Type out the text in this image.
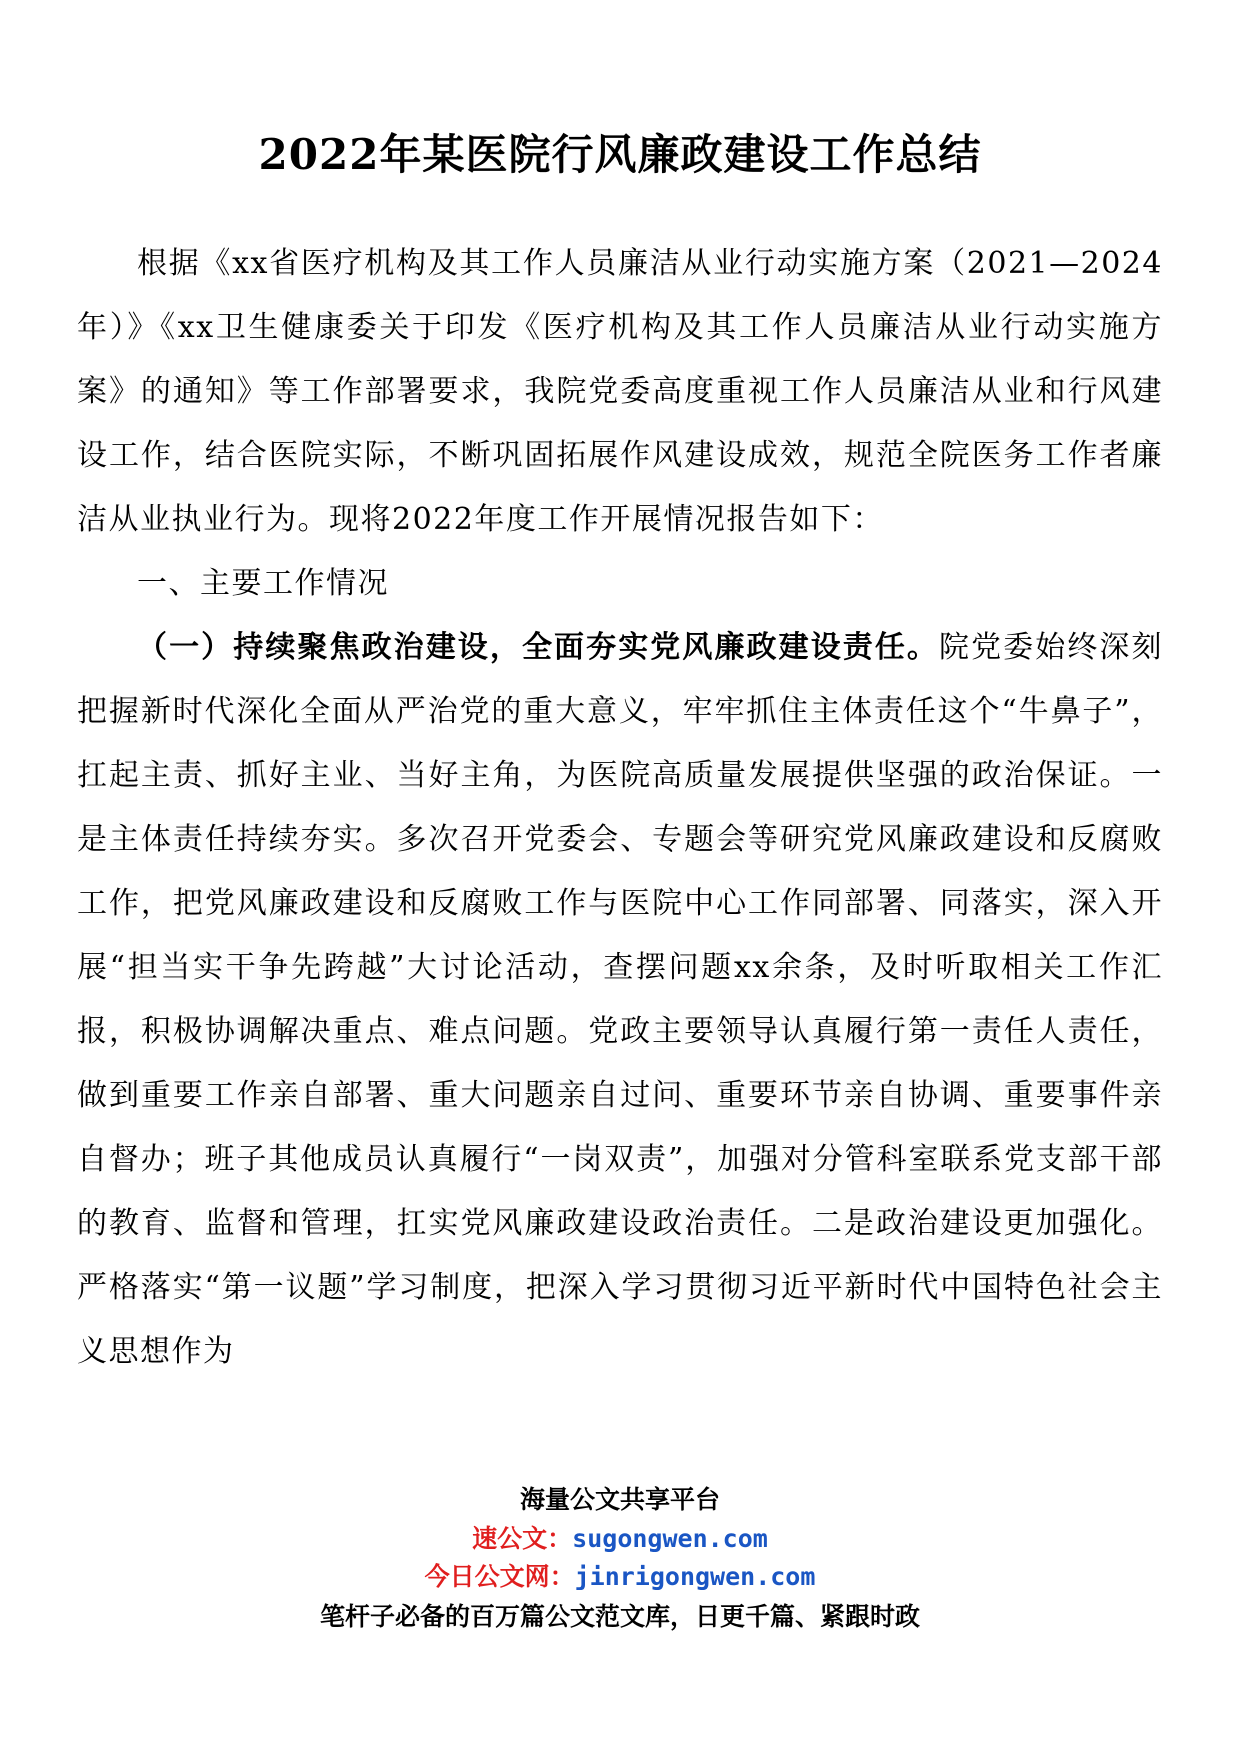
2022年某医院行风廉政建设工作总结

根据《xx省医疗机构及其工作人员廉洁从业行动实施方案（2021—2024年）》《xx卫生健康委关于印发《医疗机构及其工作人员廉洁从业行动实施方案》的通知》等工作部署要求，我院党委高度重视工作人员廉洁从业和行风建设工作，结合医院实际，不断巩固拓展作风建设成效，规范全院医务工作者廉洁从业执业行为。现将2022年度工作开展情况报告如下：

一、主要工作情况

（一）持续聚焦政治建设，全面夯实党风廉政建设责任。院党委始终深刻把握新时代深化全面从严治党的重大意义，牢牢抓住主体责任这个“牛鼻子”，扛起主责、抓好主业、当好主角，为医院高质量发展提供坚强的政治保证。一是主体责任持续夯实。多次召开党委会、专题会等研究党风廉政建设和反腐败工作，把党风廉政建设和反腐败工作与医院中心工作同部署、同落实，深入开展“担当实干争先跨越”大讨论活动，查摆问题xx余条，及时听取相关工作汇报，积极协调解决重点、难点问题。党政主要领导认真履行第一责任人责任，做到重要工作亲自部署、重大问题亲自过问、重要环节亲自协调、重要事件亲自督办；班子其他成员认真履行“一岗双责”，加强对分管科室联系党支部干部的教育、监督和管理，扛实党风廉政建设政治责任。二是政治建设更加强化。严格落实“第一议题”学习制度，把深入学习贯彻习近平新时代中国特色社会主义思想作为

海量公文共享平台
速公文：sugongwen.com
今日公文网：jinrigongwen.com
笔杆子必备的百万篇公文范文库，日更千篇、紧跟时政
